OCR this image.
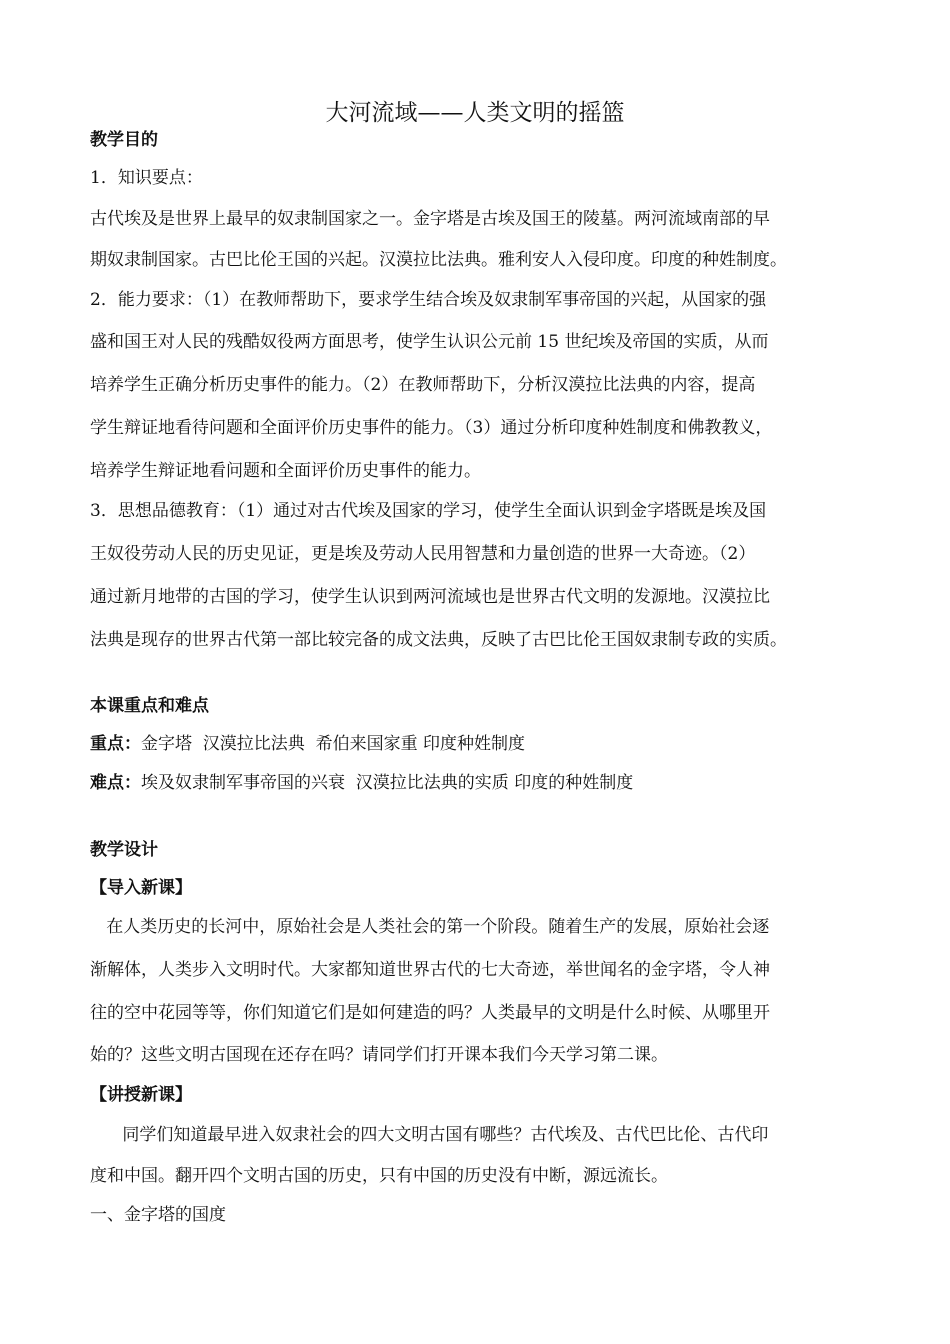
大河流域——人类文明的摇篮
教学目的
1．知识要点：
古代埃及是世界上最早的奴隶制国家之一。金字塔是古埃及国王的陵墓。两河流域南部的早
期奴隶制国家。古巴比伦王国的兴起。汉漠拉比法典。雅利安人入侵印度。印度的种姓制度。
2．能力要求：（1）在教师帮助下，要求学生结合埃及奴隶制军事帝国的兴起，从国家的强
盛和国王对人民的残酷奴役两方面思考，使学生认识公元前 15 世纪埃及帝国的实质，从而
培养学生正确分析历史事件的能力。（2）在教师帮助下，分析汉漠拉比法典的内容，提高
学生辩证地看待问题和全面评价历史事件的能力。（3）通过分析印度种姓制度和佛教教义，
培养学生辩证地看问题和全面评价历史事件的能力。
3．思想品德教育：（1）通过对古代埃及国家的学习，使学生全面认识到金字塔既是埃及国
王奴役劳动人民的历史见证，更是埃及劳动人民用智慧和力量创造的世界一大奇迹。（2）
通过新月地带的古国的学习，使学生认识到两河流域也是世界古代文明的发源地。汉漠拉比
法典是现存的世界古代第一部比较完备的成文法典，反映了古巴比伦王国奴隶制专政的实质。
本课重点和难点
重点：金字塔  汉漠拉比法典  希伯来国家重 印度种姓制度
难点：埃及奴隶制军事帝国的兴衰  汉漠拉比法典的实质 印度的种姓制度
教学设计
【导入新课】
在人类历史的长河中，原始社会是人类社会的第一个阶段。随着生产的发展，原始社会逐
渐解体，人类步入文明时代。大家都知道世界古代的七大奇迹，举世闻名的金字塔，令人神
往的空中花园等等，你们知道它们是如何建造的吗？人类最早的文明是什么时候、从哪里开
始的？这些文明古国现在还存在吗？请同学们打开课本我们今天学习第二课。
【讲授新课】
同学们知道最早进入奴隶社会的四大文明古国有哪些？古代埃及、古代巴比伦、古代印
度和中国。翻开四个文明古国的历史，只有中国的历史没有中断，源远流长。
一、金字塔的国度
